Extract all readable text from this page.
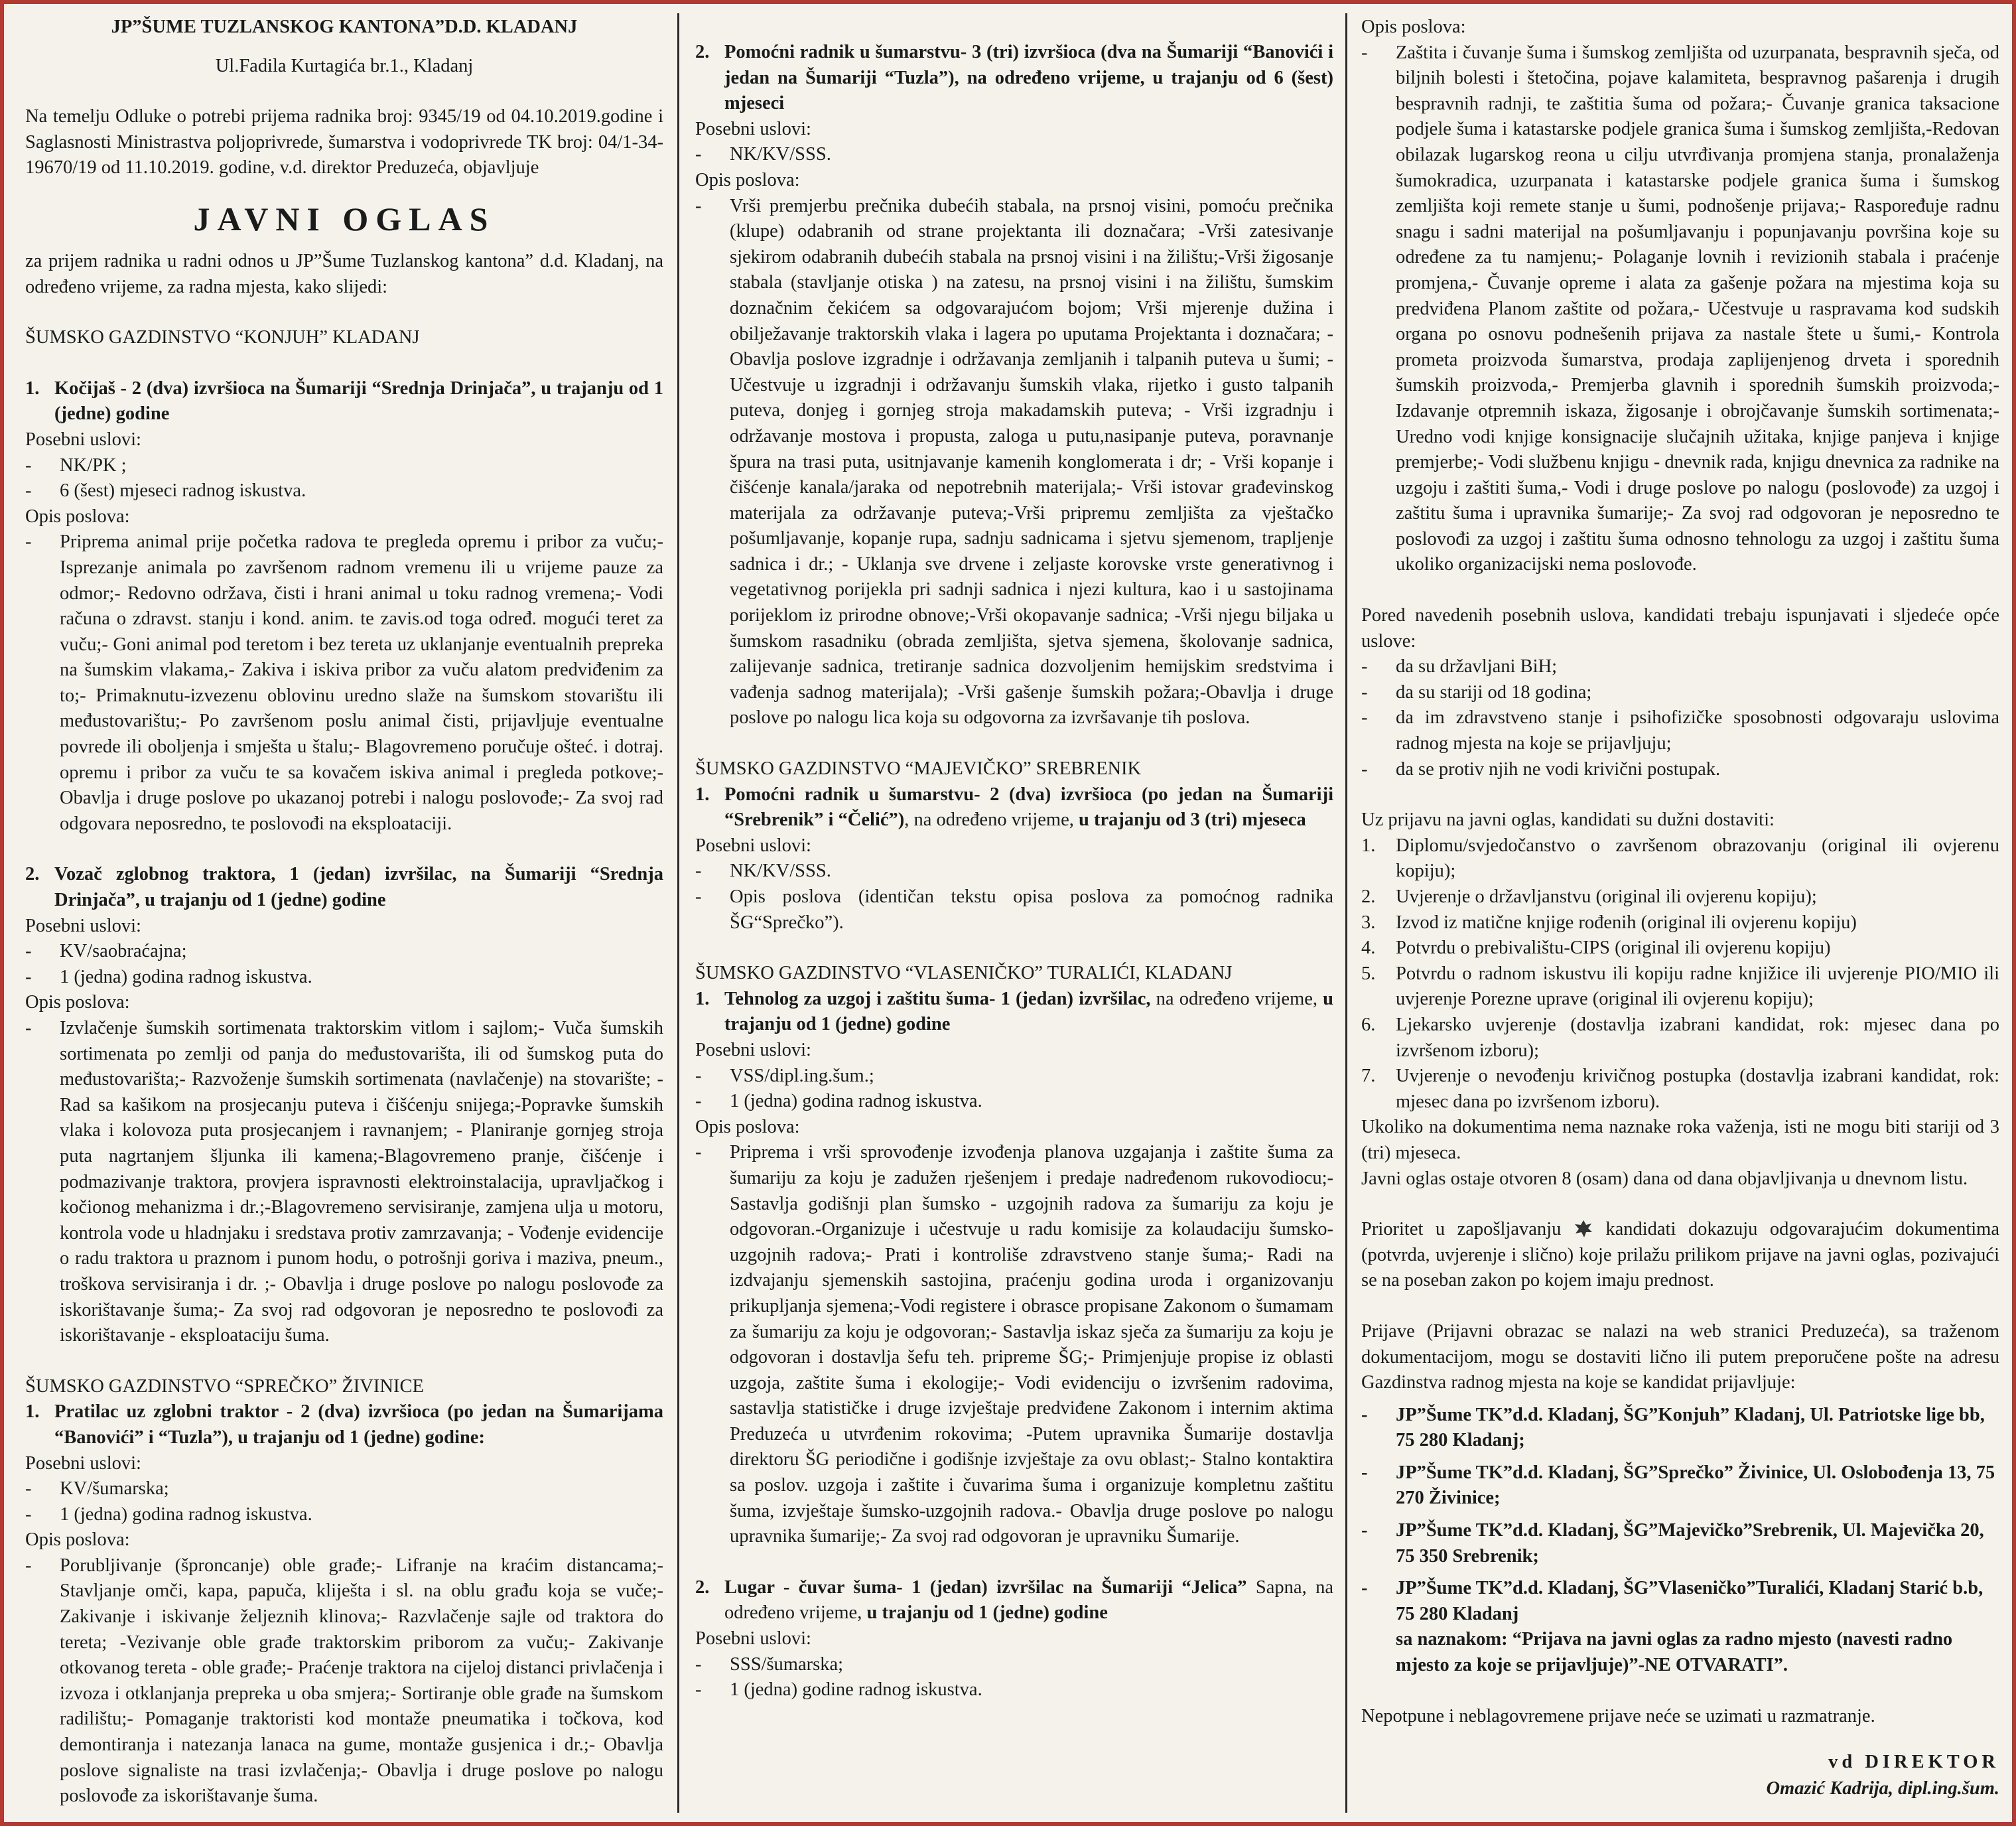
JP”ŠUME TUZLANSKOG KANTONA”D.D. KLADANJ

Ul.Fadila Kurtagića br.1., Kladanj

Na temelju Odluke o potrebi prijema radnika broj: 9345/19 od 04.10.2019.godine i Saglasnosti Ministrastva poljoprivrede, šumarstva i vodoprivrede TK broj: 04/1-34-19670/19 od 11.10.2019. godine, v.d. direktor Preduzeća, objavljuje

JAVNI OGLAS

za prijem radnika u radni odnos u JP”Šume Tuzlanskog kantona” d.d. Kladanj, na određeno vrijeme, za radna mjesta, kako slijedi:

ŠUMSKO GAZDINSTVO “KONJUH” KLADANJ

1. Kočijaš - 2 (dva) izvršioca na Šumariji “Srednja Drinjača”, u trajanju od 1 (jedne) godine

Posebni uslovi:

-	NK/PK ;
-	6 (šest) mjeseci radnog iskustva.

Opis poslova:

-	Priprema animal prije početka radova te pregleda opremu i pribor za vuču;- Isprezanje animala po završenom radnom vremenu ili u vrijeme pauze za odmor;- Redovno održava, čisti i hrani animal u toku radnog vremena;- Vodi računa o zdravst. stanju i kond. anim. te zavis.od toga određ. mogući teret za vuču;- Goni animal pod teretom i bez tereta uz uklanjanje eventualnih prepreka na šumskim vlakama,- Zakiva i iskiva pribor za vuču alatom predviđenim za to;- Primaknutu-izvezenu oblovinu uredno slaže na šumskom stovarištu ili međustovarištu;- Po završenom poslu animal čisti, prijavljuje eventualne povrede ili oboljenja i smješta u štalu;- Blagovremeno poručuje ošteć. i dotraj. opremu i pribor za vuču te sa kovačem iskiva animal i pregleda potkove;- Obavlja i druge poslove po ukazanoj potrebi i nalogu poslovođe;- Za svoj rad odgovara neposredno, te poslovođi na eksploataciji.
2. Vozač zglobnog traktora, 1 (jedan) izvršilac, na Šumariji “Srednja Drinjača”, u trajanju od 1 (jedne) godine

Posebni uslovi:

-	KV/saobraćajna;
-	1 (jedna) godina radnog iskustva.

Opis poslova:

-	Izvlačenje šumskih sortimenata traktorskim vitlom i sajlom;- Vuča šumskih sortimenata po zemlji od panja do međustovarišta, ili od šumskog puta do međustovarišta;- Razvoženje šumskih sortimenata (navlačenje) na stovarište; -Rad sa kašikom na prosjecanju puteva i čišćenju snijega;-Popravke šumskih vlaka i kolovoza puta prosjecanjem i ravnanjem; - Planiranje gornjeg stroja puta nagrtanjem šljunka ili kamena;-Blagovremeno pranje, čišćenje i podmazivanje traktora, provjera ispravnosti elektroinstalacija, upravljačkog i kočionog mehanizma i dr.;-Blagovremeno servisiranje, zamjena ulja u motoru, kontrola vode u hladnjaku i sredstava protiv zamrzavanja; - Vođenje evidencije o radu traktora u praznom i punom hodu, o potrošnji goriva i maziva, pneum., troškova servisiranja i dr. ;- Obavlja i druge poslove po nalogu poslovođe za iskorištavanje šuma;- Za svoj rad odgovoran je neposredno te poslovođi za iskorištavanje - eksploataciju šuma.

ŠUMSKO GAZDINSTVO “SPREČKO” ŽIVINICE

1. Pratilac uz zglobni traktor - 2 (dva) izvršioca (po jedan na Šumarijama “Banovići” i “Tuzla”), u trajanju od 1 (jedne) godine:

Posebni uslovi:

-	KV/šumarska;
-	1 (jedna) godina radnog iskustva.

Opis poslova:

-	Porubljivanje (šproncanje) oble građe;- Lifranje na kraćim distancama;- Stavljanje omči, kapa, papuča, kliješta i sl. na oblu građu koja se vuče;- Zakivanje i iskivanje željeznih klinova;- Razvlačenje sajle od traktora do tereta; -Vezivanje oble građe traktorskim priborom za vuču;- Zakivanje otkovanog tereta - oble građe;- Praćenje traktora na cijeloj distanci privlačenja i izvoza i otklanjanja prepreka u oba smjera;- Sortiranje oble građe na šumskom radilištu;- Pomaganje traktoristi kod montaže pneumatika i točkova, kod demontiranja i natezanja lanaca na gume, montaže gusjenica i dr.;- Obavlja poslove signaliste na trasi izvlačenja;- Obavlja i druge poslove po nalogu poslovođe za iskorištavanje šuma.
2. Pomoćni radnik u šumarstvu- 3 (tri) izvršioca (dva na Šumariji “Banovići i jedan na Šumariji “Tuzla”), na određeno vrijeme, u trajanju od 6 (šest) mjeseci

Posebni uslovi:

-	NK/KV/SSS.

Opis poslova:

-	Vrši premjerbu prečnika dubećih stabala, na prsnoj visini, pomoću prečnika (klupe) odabranih od strane projektanta ili doznačara; -Vrši zatesivanje sjekirom odabranih dubećih stabala na prsnoj visini i na žilištu;-Vrši žigosanje stabala (stavljanje otiska ) na zatesu, na prsnoj visini i na žilištu, šumskim doznačnim čekićem sa odgovarajućom bojom; Vrši mjerenje dužina i obilježavanje traktorskih vlaka i lagera po uputama Projektanta i doznačara; -Obavlja poslove izgradnje i održavanja zemljanih i talpanih puteva u šumi; - Učestvuje u izgradnji i održavanju šumskih vlaka, rijetko i gusto talpanih puteva, donjeg i gornjeg stroja makadamskih puteva; - Vrši izgradnju i održavanje mostova i propusta, zaloga u putu,nasipanje puteva, poravnanje špura na trasi puta, usitnjavanje kamenih konglomerata i dr; - Vrši kopanje i čišćenje kanala/jaraka od nepotrebnih materijala;- Vrši istovar građevinskog materijala za održavanje puteva;-Vrši pripremu zemljišta za vještačko pošumljavanje, kopanje rupa, sadnju sadnicama i sjetvu sjemenom, trapljenje sadnica i dr.; - Uklanja sve drvene i zeljaste korovske vrste generativnog i vegetativnog porijekla pri sadnji sadnica i njezi kultura, kao i u sastojinama porijeklom iz prirodne obnove;-Vrši okopavanje sadnica; -Vrši njegu biljaka u šumskom rasadniku (obrada zemljišta, sjetva sjemena, školovanje sadnica, zalijevanje sadnica, tretiranje sadnica dozvoljenim hemijskim sredstvima i vađenja sadnog materijala); -Vrši gašenje šumskih požara;-Obavlja i druge poslove po nalogu lica koja su odgovorna za izvršavanje tih poslova.

ŠUMSKO GAZDINSTVO “MAJEVIČKO” SREBRENIK

1. Pomoćni radnik u šumarstvu- 2 (dva) izvršioca (po jedan na Šumariji “Srebrenik” i “Čelić”), na određeno vrijeme, u trajanju od 3 (tri) mjeseca

Posebni uslovi:

-	NK/KV/SSS.
-	Opis poslova (identičan tekstu opisa poslova za pomoćnog radnika ŠG“Sprečko”).

ŠUMSKO GAZDINSTVO “VLASENIČKO” TURALIĆI, KLADANJ

1. Tehnolog za uzgoj i zaštitu šuma- 1 (jedan) izvršilac, na određeno vrijeme, u trajanju od 1 (jedne) godine

Posebni uslovi:

-	VSS/dipl.ing.šum.;
-	1 (jedna) godina radnog iskustva.

Opis poslova:

-	Priprema i vrši sprovođenje izvođenja planova uzgajanja i zaštite šuma za šumariju za koju je zadužen rješenjem i predaje nadređenom rukovodiocu;- Sastavlja godišnji plan šumsko - uzgojnih radova za šumariju za koju je odgovoran.-Organizuje i učestvuje u radu komisije za kolaudaciju šumsko-uzgojnih radova;- Prati i kontroliše zdravstveno stanje šuma;- Radi na izdvajanju sjemenskih sastojina, praćenju godina uroda i organizovanju prikupljanja sjemena;-Vodi registere i obrasce propisane Zakonom o šumamam za šumariju za koju je odgovoran;- Sastavlja iskaz sječa za šumariju za koju je odgovoran i dostavlja šefu teh. pripreme ŠG;- Primjenjuje propise iz oblasti uzgoja, zaštite šuma i ekologije;- Vodi evidenciju o izvršenim radovima, sastavlja statističke i druge izvještaje predviđene Zakonom i internim aktima Preduzeća u utvrđenim rokovima; -Putem upravnika Šumarije dostavlja direktoru ŠG periodične i godišnje izvještaje za ovu oblast;- Stalno kontaktira sa poslov. uzgoja i zaštite i čuvarima šuma i organizuje kompletnu zaštitu šuma, izvještaje šumsko-uzgojnih radova.- Obavlja druge poslove po nalogu upravnika šumarije;- Za svoj rad odgovoran je upravniku Šumarije.
2. Lugar - čuvar šuma- 1 (jedan) izvršilac na Šumariji “Jelica” Sapna, na određeno vrijeme, u trajanju od 1 (jedne) godine

Posebni uslovi:

-	SSS/šumarska;
-	1 (jedna) godine radnog iskustva.

Opis poslova:

-	Zaštita i čuvanje šuma i šumskog zemljišta od uzurpanata, bespravnih sječa, od biljnih bolesti i štetočina, pojave kalamiteta, bespravnog pašarenja i drugih bespravnih radnji, te zaštitia šuma od požara;- Čuvanje granica taksacione podjele šuma i katastarske podjele granica šuma i šumskog zemljišta,-Redovan obilazak lugarskog reona u cilju utvrđivanja promjena stanja, pronalaženja šumokradica, uzurpanata i katastarske podjele granica šuma i šumskog zemljišta koji remete stanje u šumi, podnošenje prijava;- Raspoređuje radnu snagu i sadni materijal na pošumljavanju i popunjavanju površina koje su određene za tu namjenu;- Polaganje lovnih i revizionih stabala i praćenje promjena,- Čuvanje opreme i alata za gašenje požara na mjestima koja su predviđena Planom zaštite od požara,- Učestvuje u raspravama kod sudskih organa po osnovu podnešenih prijava za nastale štete u šumi,- Kontrola prometa proizvoda šumarstva, prodaja zaplijenjenog drveta i sporednih šumskih proizvoda,- Premjerba glavnih i sporednih šumskih proizvoda;- Izdavanje otpremnih iskaza, žigosanje i obrojčavanje šumskih sortimenata;- Uredno vodi knjige konsignacije slučajnih užitaka, knjige panjeva i knjige premjerbe;- Vodi službenu knjigu - dnevnik rada, knjigu dnevnica za radnike na uzgoju i zaštiti šuma,- Vodi i druge poslove po nalogu (poslovođe) za uzgoj i zaštitu šuma i upravnika šumarije;- Za svoj rad odgovoran je neposredno te poslovođi za uzgoj i zaštitu šuma odnosno tehnologu za uzgoj i zaštitu šuma ukoliko organizacijski nema poslovođe.

Pored navedenih posebnih uslova, kandidati trebaju ispunjavati i sljedeće opće uslove:

-	da su državljani BiH;
-	da su stariji od 18 godina;
-	da im zdravstveno stanje i psihofizičke sposobnosti odgovaraju uslovima radnog mjesta na koje se prijavljuju;
-	da se protiv njih ne vodi krivični postupak.

Uz prijavu na javni oglas, kandidati su dužni dostaviti:

1.	Diplomu/svjedočanstvo o završenom obrazovanju (original ili ovjerenu kopiju);
2.	Uvjerenje o državljanstvu (original ili ovjerenu kopiju);
3.	Izvod iz matične knjige rođenih (original ili ovjerenu kopiju)
4.	Potvrdu o prebivalištu-CIPS (original ili ovjerenu kopiju)
5.	Potvrdu o radnom iskustvu ili kopiju radne knjižice ili uvjerenje PIO/MIO ili uvjerenje Porezne uprave (original ili ovjerenu kopiju);
6.	Ljekarsko uvjerenje (dostavlja izabrani kandidat, rok: mjesec dana po izvršenom izboru);
7.	Uvjerenje o nevođenju krivičnog postupka (dostavlja izabrani kandidat, rok: mjesec dana po izvršenom izboru).

Ukoliko na dokumentima nema naznake roka važenja, isti ne mogu biti stariji od 3 (tri) mjeseca.

Javni oglas ostaje otvoren 8 (osam) dana od dana objavljivanja u dnevnom listu.

Prioritet u zapošljavanju kandidati dokazuju odgovarajućim dokumentima (potvrda, uvjerenje i slično) koje prilažu prilikom prijave na javni oglas, pozivajući se na poseban zakon po kojem imaju prednost.

Prijave (Prijavni obrazac se nalazi na web stranici Preduzeća), sa traženom dokumentacijom, mogu se dostaviti lično ili putem preporučene pošte na adresu Gazdinstva radnog mjesta na koje se kandidat prijavljuje:

-	JP”Šume TK”d.d. Kladanj, ŠG”Konjuh” Kladanj, Ul. Patriotske lige bb, 75 280 Kladanj;
-	JP”Šume TK”d.d. Kladanj, ŠG”Sprečko” Živinice, Ul. Oslobođenja 13, 75 270 Živinice;
-	JP”Šume TK”d.d. Kladanj, ŠG”Majevičko”Srebrenik, Ul. Majevička 20, 75 350 Srebrenik;
-	JP”Šume TK”d.d. Kladanj, ŠG”Vlaseničko”Turalići, Kladanj Starić b.b, 75 280 Kladanj

sa naznakom: “Prijava na javni oglas za radno mjesto (navesti radno mjesto za koje se prijavljuje)”-NE OTVARATI”.

Nepotpune i neblagovremene prijave neće se uzimati u razmatranje.

vd DIREKTOR
Omazić Kadrija, dipl.ing.šum.
